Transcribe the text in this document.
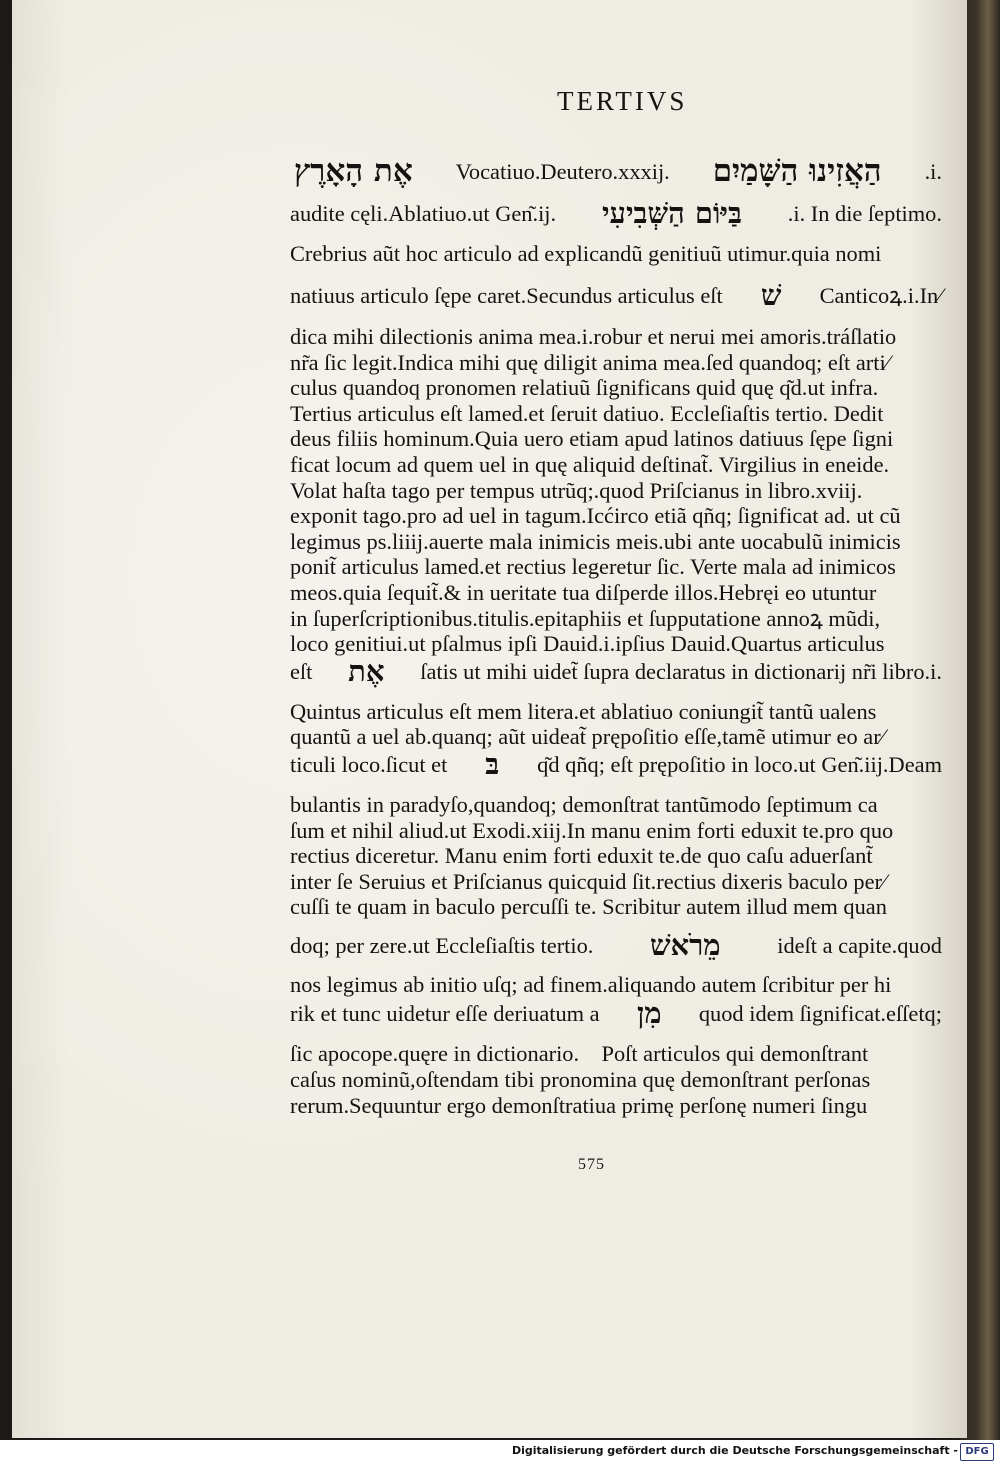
TERTIVS
אֶת הָאָרֶץ Vocatiuo.Deutero.xxxij. ה͏ַאֲזִינוּ הַשָּׁמַיִם .i.
audite cęli.Ablatiuo.ut Gen͂.ij. בַּיּוֹם הַשְּׁבִיעִי .i. In die ſeptimo.
Crebrius aũt hoc articulo ad explicandũ genitiuũ utimur.quia nomi
natiuus articulo ſępe caret.Secundus articulus eſt שׁ Canticoꝝ.i.In⁄
dica mihi dilectionis anima mea.i.robur et nerui mei amoris.tráſlatio
nr̃a ſic legit.Indica mihi quę diligit anima mea.ſed quandoq; eſt arti⁄
culus quandoq pronomen relatiuũ ſignificans quid quę q͂d.ut infra.
Tertius articulus eſt lamed.et ſeruit datiuo. Eccleſiaſtis tertio. Dedit
deus filiis hominum.Quia uero etiam apud latinos datiuus ſępe ſigni
ficat locum ad quem uel in quę aliquid deſtinat̃. Virgilius in eneide.
Volat haſta tago per tempus utrũq;.quod Priſcianus in libro.xviij.
exponit tago.pro ad uel in tagum.Icćirco etiã qñq; ſignificat ad. ut cũ
legimus ps.liiij.auerte mala inimicis meis.ubi ante uocabulũ inimicis
ponit̃ articulus lamed.et rectius legeretur ſic. Verte mala ad inimicos
meos.quia ſequit̃.& in ueritate tua diſperde illos.Hebręi eo utuntur
in ſuperſcriptionibus.titulis.epitaphiis et ſupputatione annoꝝ mũdi,
loco genitiui.ut pſalmus ipſi Dauid.i.ipſius Dauid.Quartus articulus
eſt אֶת ſatis ut mihi uidet̃ ſupra declaratus in dictionarij nr̃i libro.i.
Quintus articulus eſt mem litera.et ablatiuo coniungit̃ tantũ ualens
quantũ a uel ab.quanq; aũt uideat̃ prępoſitio eſſe,tamẽ utimur eo ar⁄
ticuli loco.ſicut et בּ q͂d qñq; eſt prępoſitio in loco.ut Gen͂.iij.Deam
bulantis in paradyſo,quandoq; demonſtrat tantũmodo ſeptimum ca
ſum et nihil aliud.ut Exodi.xiij.In manu enim forti eduxit te.pro quo
rectius diceretur. Manu enim forti eduxit te.de quo caſu aduerſant̃
inter ſe Seruius et Priſcianus quicquid ſit.rectius dixeris baculo per⁄
cuſſi te quam in baculo percuſſi te. Scribitur autem illud mem quan
doq; per zere.ut Eccleſiaſtis tertio. מֵרֹאשׁ	ideſt a capite.quod
nos legimus ab initio uſq; ad finem.aliquando autem ſcribitur per hi
rik et tunc uidetur eſſe deriuatum a מִן quod idem ſignificat.eſſetq;
ſic apocope.quęre in dictionario.    Poſt articulos qui demonſtrant
caſus nominũ,oſtendam tibi pronomina quę demonſtrant perſonas
rerum.Sequuntur ergo demonſtratiua primę perſonę numeri ſingu
575
Digitalisierung gefördert durch die Deutsche Forschungsgemeinschaft - DFG
